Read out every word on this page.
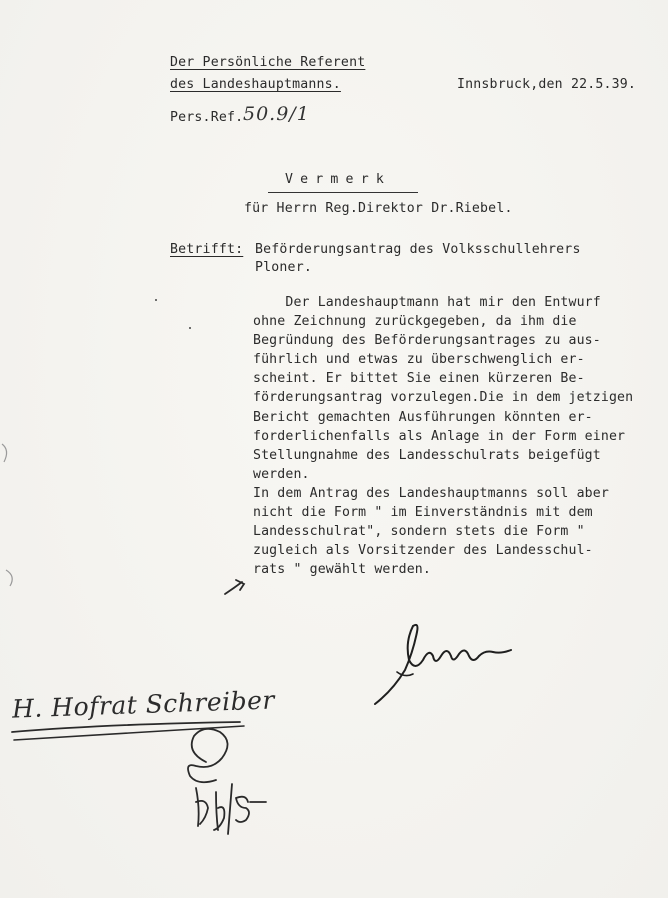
Der Persönliche Referent
des Landeshauptmanns.	Innsbruck,den 22.5.39.
Pers.Ref. 50.9/1
Vermerk
für Herrn Reg.Direktor Dr.Riebel.
Betrifft: Beförderungsantrag des Volksschullehrers
Ploner.
Der Landeshauptmann hat mir den Entwurf
ohne Zeichnung zurückgegeben, da ihm die
Begründung des Beförderungsantrages zu aus-
führlich und etwas zu überschwenglich er-
scheint. Er bittet Sie einen kürzeren Be-
förderungsantrag vorzulegen.Die in dem jetzigen
Bericht gemachten Ausführungen könnten er-
forderlichenfalls als Anlage in der Form einer
Stellungnahme des Landesschulrats beigefügt
werden.
In dem Antrag des Landeshauptmanns soll aber
nicht die Form " im Einverständnis mit dem
Landesschulrat", sondern stets die Form "
zugleich als Vorsitzender des Landesschul-
rats " gewählt werden.
H. Hofrat Schreiber
